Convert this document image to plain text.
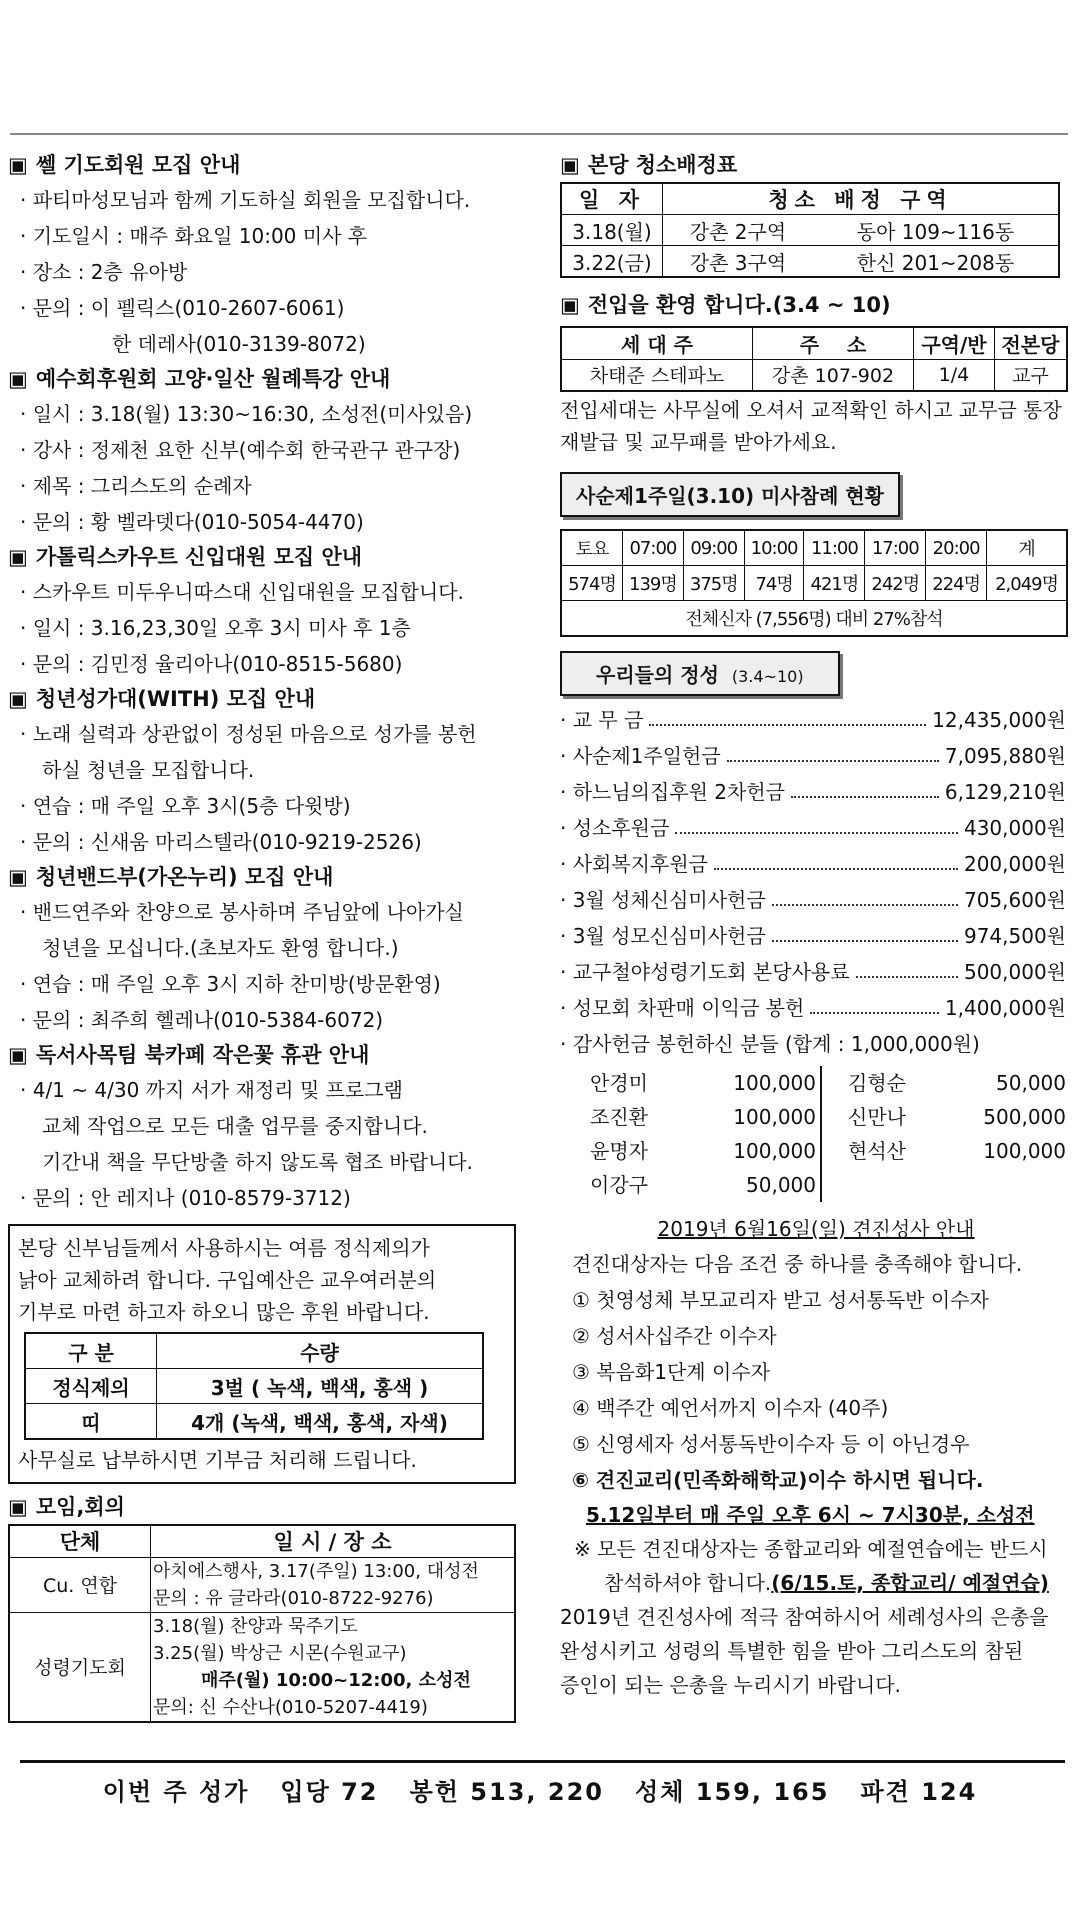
▣ 쎌 기도회원 모집 안내
· 파티마성모님과 함께 기도하실 회원을 모집합니다.
· 기도일시 : 매주 화요일 10:00 미사 후
· 장소 : 2층 유아방
· 문의 : 이 펠릭스(010-2607-6061)
한 데레사(010-3139-8072)
▣ 예수회후원회 고양·일산 월례특강 안내
· 일시 : 3.18(월) 13:30~16:30, 소성전(미사있음)
· 강사 : 정제천 요한 신부(예수회 한국관구 관구장)
· 제목 : 그리스도의 순례자
· 문의 : 황 벨라뎃다(010-5054-4470)
▣ 가톨릭스카우트 신입대원 모집 안내
· 스카우트 미두우니따스대 신입대원을 모집합니다.
· 일시 : 3.16,23,30일 오후 3시 미사 후 1층
· 문의 : 김민정 율리아나(010-8515-5680)
▣ 청년성가대(WITH) 모집 안내
· 노래 실력과 상관없이 정성된 마음으로 성가를 봉헌
하실 청년을 모집합니다.
· 연습 : 매 주일 오후 3시(5층 다윗방)
· 문의 : 신새움 마리스텔라(010-9219-2526)
▣ 청년밴드부(가온누리) 모집 안내
· 밴드연주와 찬양으로 봉사하며 주님앞에 나아가실
청년을 모십니다.(초보자도 환영 합니다.)
· 연습 : 매 주일 오후 3시 지하 찬미방(방문환영)
· 문의 : 최주희 헬레나(010-5384-6072)
▣ 독서사목팀 북카페 작은꽃 휴관 안내
· 4/1 ~ 4/30 까지 서가 재정리 및 프로그램
교체 작업으로 모든 대출 업무를 중지합니다.
기간내 책을 무단방출 하지 않도록 협조 바랍니다.
· 문의 : 안 레지나 (010-8579-3712)
본당 신부님들께서 사용하시는 여름 정식제의가
낡아 교체하려 합니다. 구입예산은 교우여러분의
기부로 마련 하고자 하오니 많은 후원 바랍니다.
구 분	수량
정식제의	3벌 ( 녹색, 백색, 홍색 )
띠	4개 (녹색, 백색, 홍색, 자색)
사무실로 납부하시면 기부금 처리해 드립니다.
▣ 모임,회의
단체	일 시 / 장 소
Cu. 연합	아치에스행사, 3.17(주일) 13:00, 대성전
문의 : 유 글라라(010-8722-9276)

성령기도회	3.18(월) 찬양과 묵주기도
3.25(월) 박상근 시몬(수원교구)
매주(월) 10:00~12:00, 소성전
문의: 신 수산나(010-5207-4419)
▣ 본당 청소배정표
일 자	청소 배정 구역	
3.18(월)	강촌 2구역	동아 109~116동
3.22(금)	강촌 3구역	한신 201~208동
▣ 전입을 환영 합니다.(3.4 ~ 10)
세 대 주	주    소	구역/반	전본당
차태준 스테파노	강촌 107-902	1/4	교구
전입세대는 사무실에 오셔서 교적확인 하시고 교무금 통장
재발급 및 교무패를 받아가세요.
사순제1주일(3.10) 미사참례 현황
토요	07:00	09:00	10:00	11:00	17:00	20:00	계
574명	139명	375명	74명	421명	242명	224명	2,049명
전체신자 (7,556명) 대비 27%참석							
우리들의 정성 (3.4~10)
· 교 무 금	12,435,000원
· 사순제1주일헌금	7,095,880원
· 하느님의집후원 2차헌금	6,129,210원
· 성소후원금	430,000원
· 사회복지후원금	200,000원
· 3월 성체신심미사헌금	705,600원
· 3월 성모신심미사헌금	974,500원
· 교구철야성령기도회 본당사용료	500,000원
· 성모회 차판매 이익금 봉헌	1,400,000원
· 감사헌금 봉헌하신 분들 (합계 : 1,000,000원)
안경미	100,000
조진환	100,000
윤명자	100,000
이강구	50,000
김형순	50,000
신만나	500,000
현석산	100,000
2019년 6월16일(일) 견진성사 안내
견진대상자는 다음 조건 중 하나를 충족해야 합니다.
① 첫영성체 부모교리자 받고 성서통독반 이수자
② 성서사십주간 이수자
③ 복음화1단계 이수자
④ 백주간 예언서까지 이수자 (40주)
⑤ 신영세자 성서통독반이수자 등 이 아닌경우
⑥ 견진교리(민족화해학교)이수 하시면 됩니다.
5.12일부터 매 주일 오후 6시 ~ 7시30분, 소성전
※ 모든 견진대상자는 종합교리와 예절연습에는 반드시
참석하셔야 합니다.(6/15.토, 종합교리/ 예절연습)
2019년 견진성사에 적극 참여하시어 세례성사의 은총을
완성시키고 성령의 특별한 힘을 받아 그리스도의 참된
증인이 되는 은총을 누리시기 바랍니다.
이번 주 성가   입당 72   봉헌 513, 220   성체 159, 165   파견 124
